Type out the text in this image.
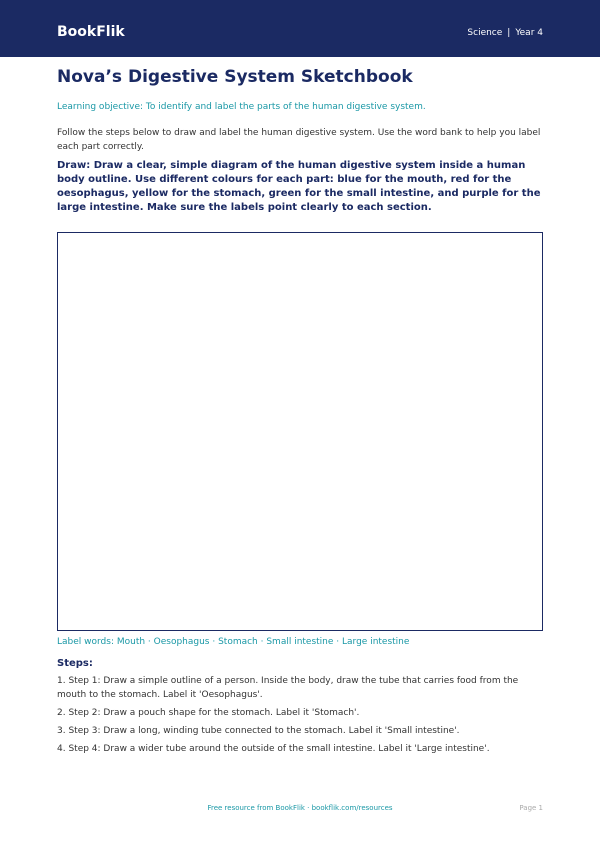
BookFlik	Science | Year 4
Nova’s Digestive System Sketchbook

Learning objective: To identify and label the parts of the human digestive system.

Follow the steps below to draw and label the human digestive system. Use the word bank to help you label each part correctly.

Draw: Draw a clear, simple diagram of the human digestive system inside a human body outline. Use different colours for each part: blue for the mouth, red for the oesophagus, yellow for the stomach, green for the small intestine, and purple for the large intestine. Make sure the labels point clearly to each section.

Label words: Mouth · Oesophagus · Stomach · Small intestine · Large intestine

Steps:
1. Step 1: Draw a simple outline of a person. Inside the body, draw the tube that carries food from the mouth to the stomach. Label it 'Oesophagus'.
2. Step 2: Draw a pouch shape for the stomach. Label it 'Stomach'.
3. Step 3: Draw a long, winding tube connected to the stomach. Label it 'Small intestine'.
4. Step 4: Draw a wider tube around the outside of the small intestine. Label it 'Large intestine'.
Free resource from BookFlik · bookflik.com/resources	Page 1
